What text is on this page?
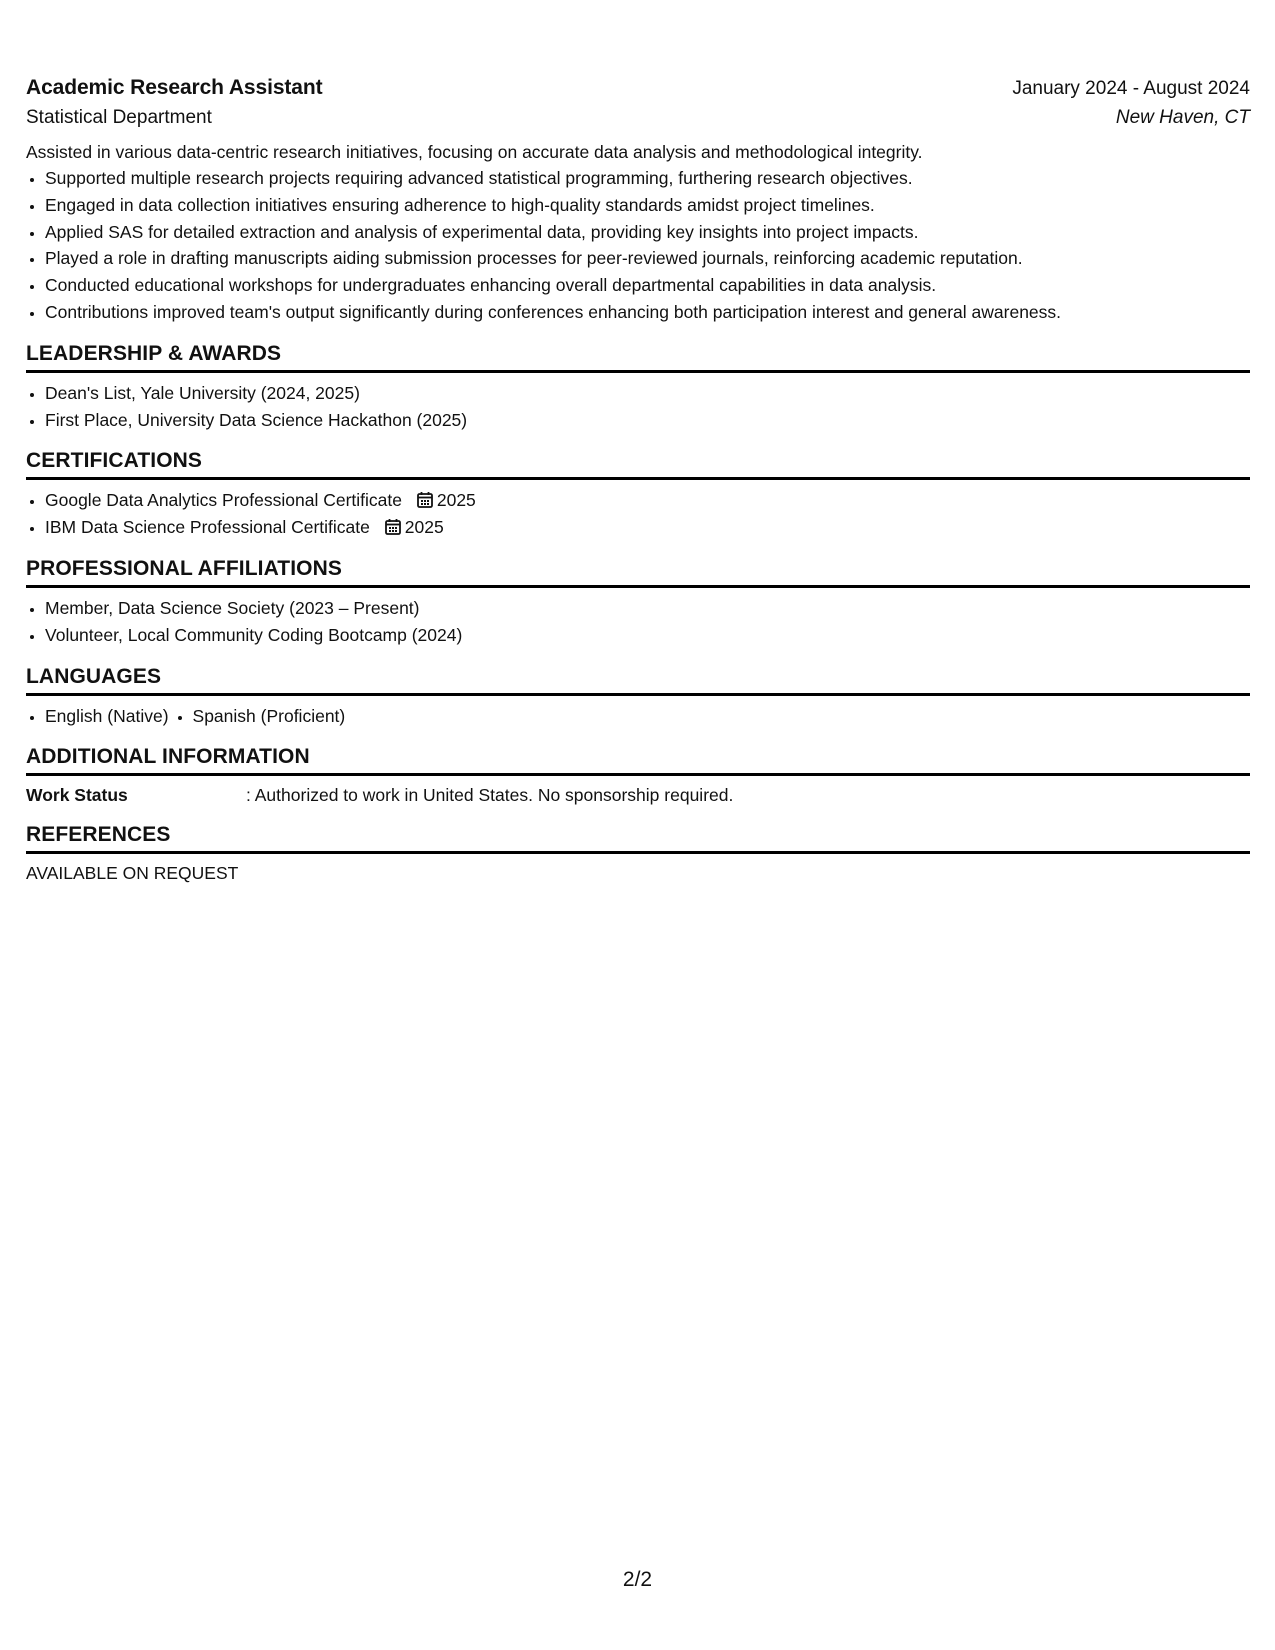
Academic Research Assistant	January 2024 - August 2024
Statistical Department	New Haven, CT
Assisted in various data-centric research initiatives, focusing on accurate data analysis and methodological integrity.
• Supported multiple research projects requiring advanced statistical programming, furthering research objectives.
• Engaged in data collection initiatives ensuring adherence to high-quality standards amidst project timelines.
• Applied SAS for detailed extraction and analysis of experimental data, providing key insights into project impacts.
• Played a role in drafting manuscripts aiding submission processes for peer-reviewed journals, reinforcing academic reputation.
• Conducted educational workshops for undergraduates enhancing overall departmental capabilities in data analysis.
• Contributions improved team's output significantly during conferences enhancing both participation interest and general awareness.
LEADERSHIP & AWARDS
• Dean's List, Yale University (2024, 2025)
• First Place, University Data Science Hackathon (2025)
CERTIFICATIONS
• Google Data Analytics Professional Certificate 2025
• IBM Data Science Professional Certificate 2025
PROFESSIONAL AFFILIATIONS
• Member, Data Science Society (2023 – Present)
• Volunteer, Local Community Coding Bootcamp (2024)
LANGUAGES
• English (Native)
• Spanish (Proficient)
ADDITIONAL INFORMATION
Work Status	: Authorized to work in United States. No sponsorship required.
REFERENCES
AVAILABLE ON REQUEST
2/2
